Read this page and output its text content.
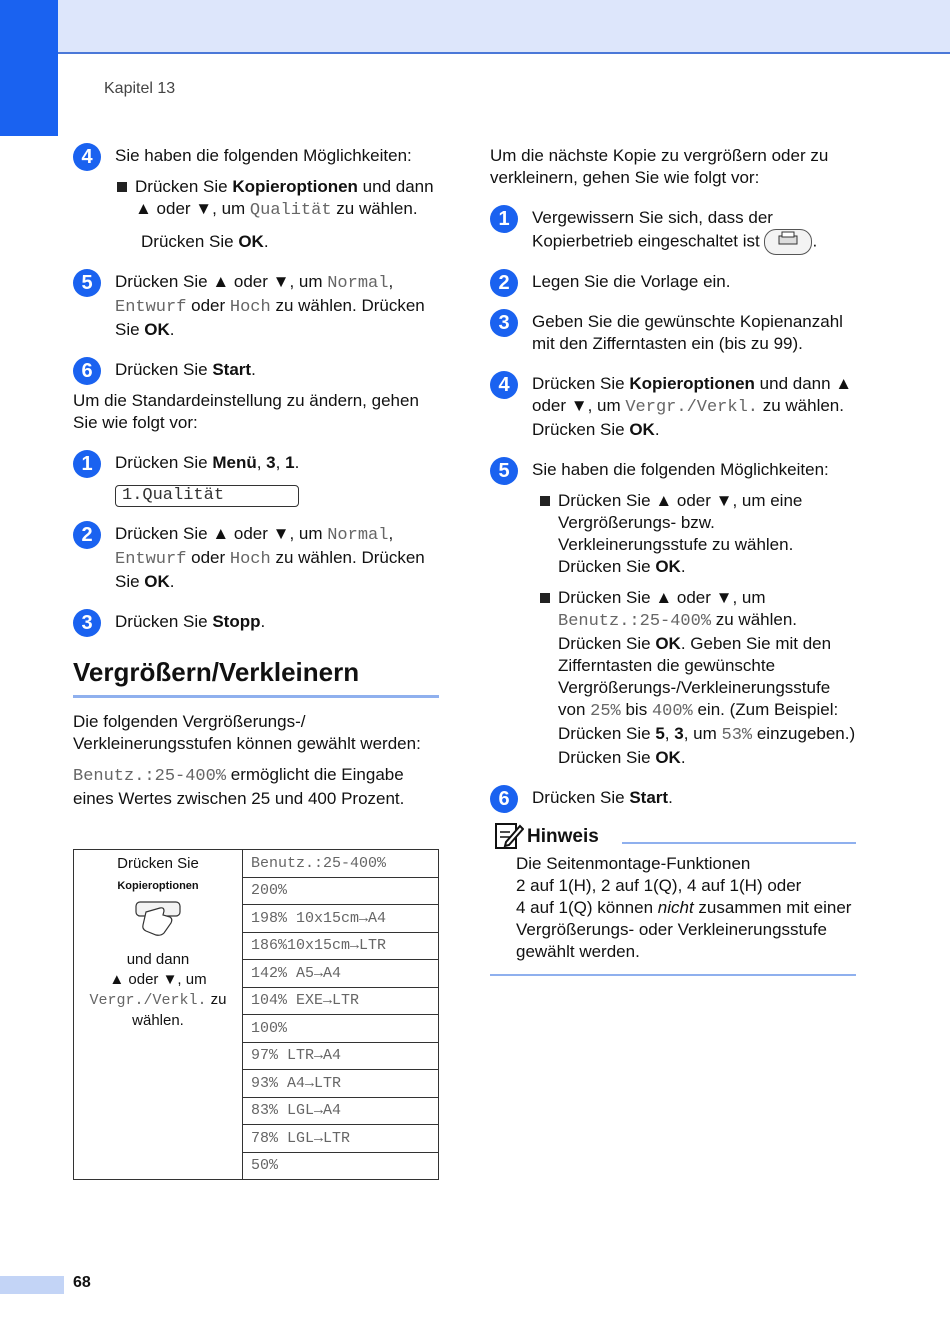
Kapitel 13
4	Sie haben die folgenden Möglichkeiten:
Drücken Sie Kopieroptionen und dann ▲ oder ▼, um Qualität zu wählen.
Drücken Sie OK.
5	Drücken Sie ▲ oder ▼, um Normal, Entwurf oder Hoch zu wählen. Drücken Sie OK.
6	Drücken Sie Start.
Um die Standardeinstellung zu ändern, gehen Sie wie folgt vor:
1	Drücken Sie Menü, 3, 1.
1.Qualität
2	Drücken Sie ▲ oder ▼, um Normal, Entwurf oder Hoch zu wählen. Drücken Sie OK.
3	Drücken Sie Stopp.
Vergrößern/Verkleinern
Die folgenden Vergrößerungs-/ Verkleinerungsstufen können gewählt werden:
Benutz.:25-400% ermöglicht die Eingabe eines Wertes zwischen 25 und 400 Prozent.
Drücken Sie
Kopieroptionen
und dann
▲ oder ▼, um
Vergr./Verkl. zu
wählen.
	Benutz.:25-400%
200%
198% 10x15cm→A4
186%10x15cm→LTR
142% A5→A4
104% EXE→LTR
100%
97% LTR→A4
93% A4→LTR
83% LGL→A4
78% LGL→LTR
50%
Um die nächste Kopie zu vergrößern oder zu verkleinern, gehen Sie wie folgt vor:
1	Vergewissern Sie sich, dass der Kopierbetrieb eingeschaltet ist	.
2	Legen Sie die Vorlage ein.
3	Geben Sie die gewünschte Kopienanzahl mit den Zifferntasten ein (bis zu 99).
4	Drücken Sie Kopieroptionen und dann ▲ oder ▼, um Vergr./Verkl. zu wählen.
Drücken Sie OK.
5	Sie haben die folgenden Möglichkeiten:
Drücken Sie ▲ oder ▼, um eine Vergrößerungs- bzw. Verkleinerungsstufe zu wählen. Drücken Sie OK.
Drücken Sie ▲ oder ▼, um Benutz.:25-400% zu wählen. Drücken Sie OK. Geben Sie mit den Zifferntasten die gewünschte Vergrößerungs-/Verkleinerungsstufe von 25% bis 400% ein. (Zum Beispiel: Drücken Sie 5, 3, um 53% einzugeben.) Drücken Sie OK.
6	Drücken Sie Start.
Hinweis
Die Seitenmontage-Funktionen
2 auf 1(H), 2 auf 1(Q), 4 auf 1(H) oder
4 auf 1(Q) können nicht zusammen mit einer Vergrößerungs- oder Verkleinerungsstufe gewählt werden.
68
